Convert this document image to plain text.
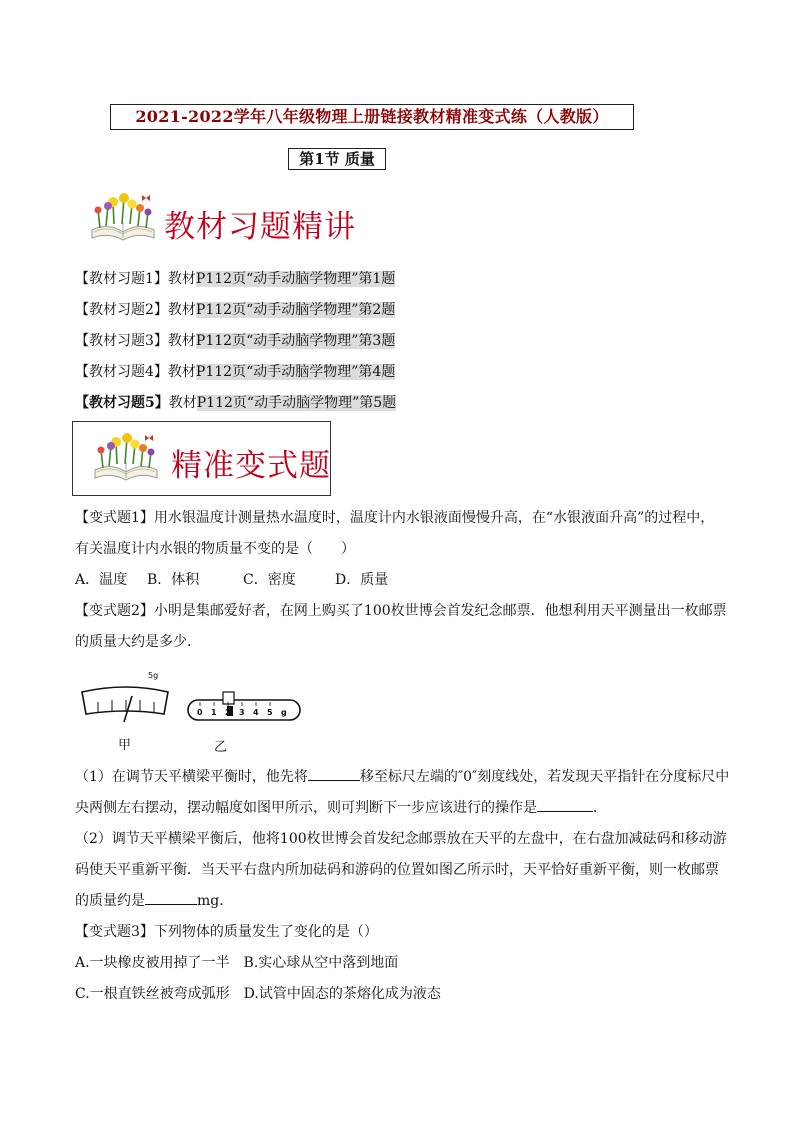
2021-2022学年八年级物理上册链接教材精准变式练（人教版）
第1节 质量
教材习题精讲
【教材习题1】教材P112页“动手动脑学物理”第1题
【教材习题2】教材P112页“动手动脑学物理”第2题
【教材习题3】教材P112页“动手动脑学物理”第3题
【教材习题4】教材P112页“动手动脑学物理”第4题
【教材习题5】教材P112页“动手动脑学物理”第5题
精准变式题
【变式题1】用水银温度计测量热水温度时，温度计内水银液面慢慢升高，在“水银液面升高”的过程中，
有关温度计内水银的物质量不变的是（　　）
A．温度 B．体积	C．密度	D．质量
【变式题2】小明是集邮爱好者，在网上购买了100枚世博会首发纪念邮票．他想利用天平测量出一枚邮票
的质量大约是多少．
5g
0 1 2 3 4 5 g
甲	乙
（1）在调节天平横梁平衡时，他先将	移至标尺左端的″0″刻度线处，若发现天平指针在分度标尺中
央两侧左右摆动，摆动幅度如图甲所示，则可判断下一步应该进行的操作是	．
（2）调节天平横梁平衡后，他将100枚世博会首发纪念邮票放在天平的左盘中，在右盘加减砝码和移动游
码使天平重新平衡．当天平右盘内所加砝码和游码的位置如图乙所示时，天平恰好重新平衡，则一枚邮票
的质量约是	mg．
【变式题3】下列物体的质量发生了变化的是（）
A.一块橡皮被用掉了一半　B.实心球从空中落到地面
C.一根直铁丝被弯成弧形　D.试管中固态的茶熔化成为液态
